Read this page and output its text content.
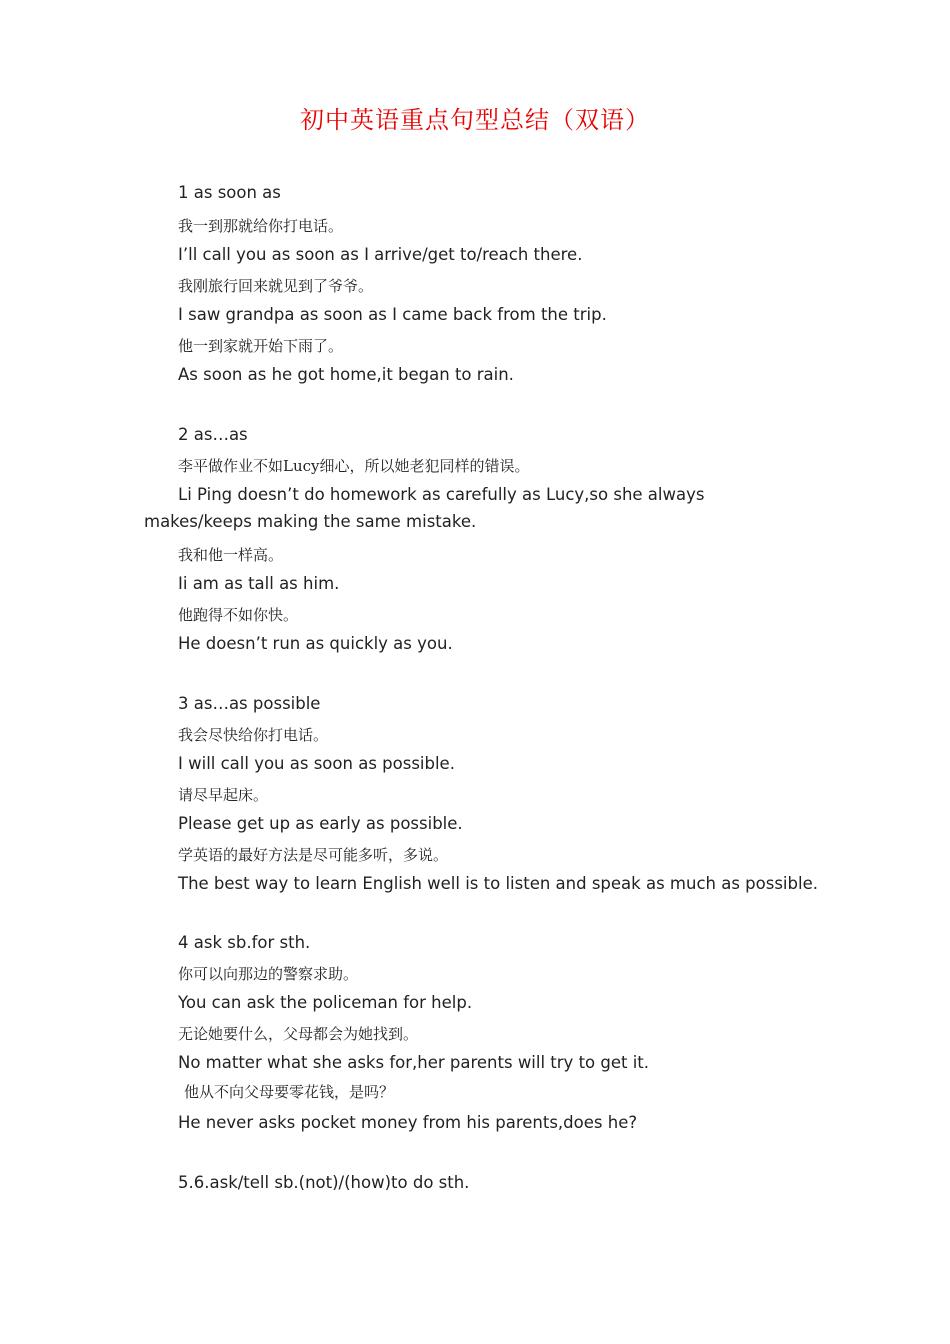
初中英语重点句型总结（双语）
1 as soon as
我一到那就给你打电话。
I’ll call you as soon as I arrive/get to/reach there.
我刚旅行回来就见到了爷爷。
I saw grandpa as soon as I came back from the trip.
他一到家就开始下雨了。
As soon as he got home,it began to rain.
2 as…as
李平做作业不如Lucy细心，所以她老犯同样的错误。
Li Ping doesn’t do homework as carefully as Lucy,so she always
makes/keeps making the same mistake.
我和他一样高。
Ii am as tall as him.
他跑得不如你快。
He doesn’t run as quickly as you.
3 as…as possible
我会尽快给你打电话。
I will call you as soon as possible.
请尽早起床。
Please get up as early as possible.
学英语的最好方法是尽可能多听，多说。
The best way to learn English well is to listen and speak as much as possible.
4 ask sb.for sth.
你可以向那边的警察求助。
You can ask the policeman for help.
无论她要什么，父母都会为她找到。
No matter what she asks for,her parents will try to get it.
他从不向父母要零花钱，是吗？
He never asks pocket money from his parents,does he?
5.6.ask/tell sb.(not)/(how)to do sth.
